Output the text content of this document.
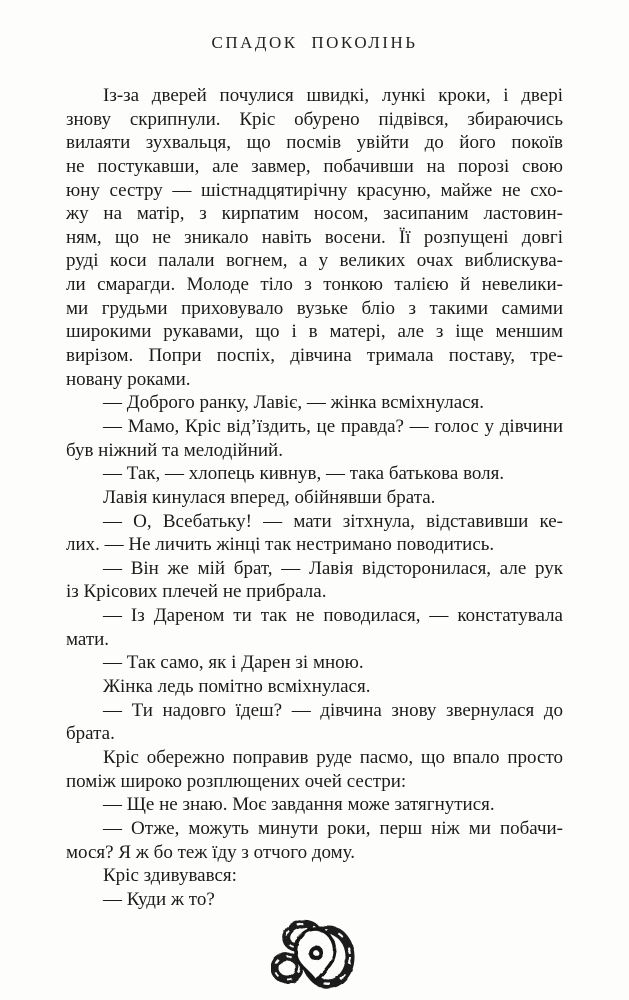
СПАДОК ПОКОЛІНЬ
Із-за дверей почулися швидкі, лункі кроки, і двері
знову скрипнули. Кріс обурено підвівся, збираючись
вилаяти зухвальця, що посмів увійти до його покоїв
не постукавши, але завмер, побачивши на порозі свою
юну сестру — шістнадцятирічну красуню, майже не схо-
жу на матір, з кирпатим носом, засипаним ластовин-
ням, що не зникало навіть восени. Її розпущені довгі
руді коси палали вогнем, а у великих очах виблискува-
ли смарагди. Молоде тіло з тонкою талією й невелики-
ми грудьми приховувало вузьке бліо з такими самими
широкими рукавами, що і в матері, але з іще меншим
вирізом. Попри поспіх, дівчина тримала поставу, тре-
новану роками.
— Доброго ранку, Лавіє, — жінка всміхнулася.
— Мамо, Кріс від’їздить, це правда? — голос у дівчини
був ніжний та мелодійний.
— Так, — хлопець кивнув, — така батькова воля.
Лавія кинулася вперед, обійнявши брата.
— О, Всебатьку! — мати зітхнула, відставивши ке-
лих. — Не личить жінці так нестримано поводитись.
— Він же мій брат, — Лавія відсторонилася, але рук
із Крісових плечей не прибрала.
— Із Дареном ти так не поводилася, — констатувала
мати.
— Так само, як і Дарен зі мною.
Жінка ледь помітно всміхнулася.
— Ти надовго їдеш? — дівчина знову звернулася до
брата.
Кріс обережно поправив руде пасмо, що впало просто
поміж широко розплющених очей сестри:
— Ще не знаю. Моє завдання може затягнутися.
— Отже, можуть минути роки, перш ніж ми побачи-
мося? Я ж бо теж їду з отчого дому.
Кріс здивувався:
— Куди ж то?
